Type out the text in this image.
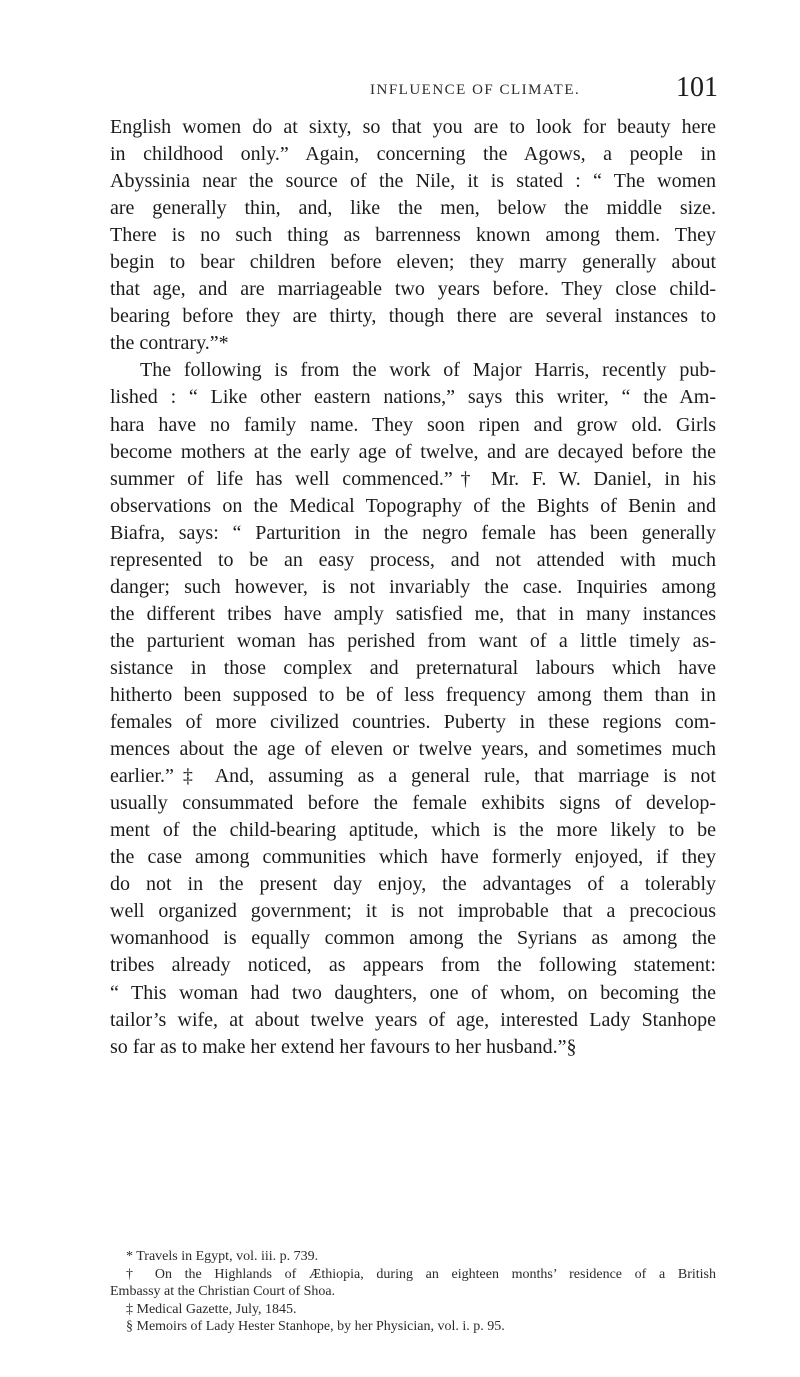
INFLUENCE OF CLIMATE.	101
English women do at sixty, so that you are to look for beauty here
in childhood only.” Again, concerning the Agows, a people in
Abyssinia near the source of the Nile, it is stated : “ The women
are generally thin, and, like the men, below the middle size.
There is no such thing as barrenness known among them. They
begin to bear children before eleven; they marry generally about
that age, and are marriageable two years before. They close child-
bearing before they are thirty, though there are several instances to
the contrary.”*
The following is from the work of Major Harris, recently pub-
lished : “ Like other eastern nations,” says this writer, “ the Am-
hara have no family name. They soon ripen and grow old. Girls
become mothers at the early age of twelve, and are decayed before the
summer of life has well commenced.”† Mr. F. W. Daniel, in his
observations on the Medical Topography of the Bights of Benin and
Biafra, says: “ Parturition in the negro female has been generally
represented to be an easy process, and not attended with much
danger; such however, is not invariably the case. Inquiries among
the different tribes have amply satisfied me, that in many instances
the parturient woman has perished from want of a little timely as-
sistance in those complex and preternatural labours which have
hitherto been supposed to be of less frequency among them than in
females of more civilized countries. Puberty in these regions com-
mences about the age of eleven or twelve years, and sometimes much
earlier.”‡ And, assuming as a general rule, that marriage is not
usually consummated before the female exhibits signs of develop-
ment of the child-bearing aptitude, which is the more likely to be
the case among communities which have formerly enjoyed, if they
do not in the present day enjoy, the advantages of a tolerably
well organized government; it is not improbable that a precocious
womanhood is equally common among the Syrians as among the
tribes already noticed, as appears from the following statement:
“ This woman had two daughters, one of whom, on becoming the
tailor’s wife, at about twelve years of age, interested Lady Stanhope
so far as to make her extend her favours to her husband.”§
* Travels in Egypt, vol. iii. p. 739.
† On the Highlands of Æthiopia, during an eighteen months’ residence of a British
Embassy at the Christian Court of Shoa.
‡ Medical Gazette, July, 1845.
§ Memoirs of Lady Hester Stanhope, by her Physician, vol. i. p. 95.
